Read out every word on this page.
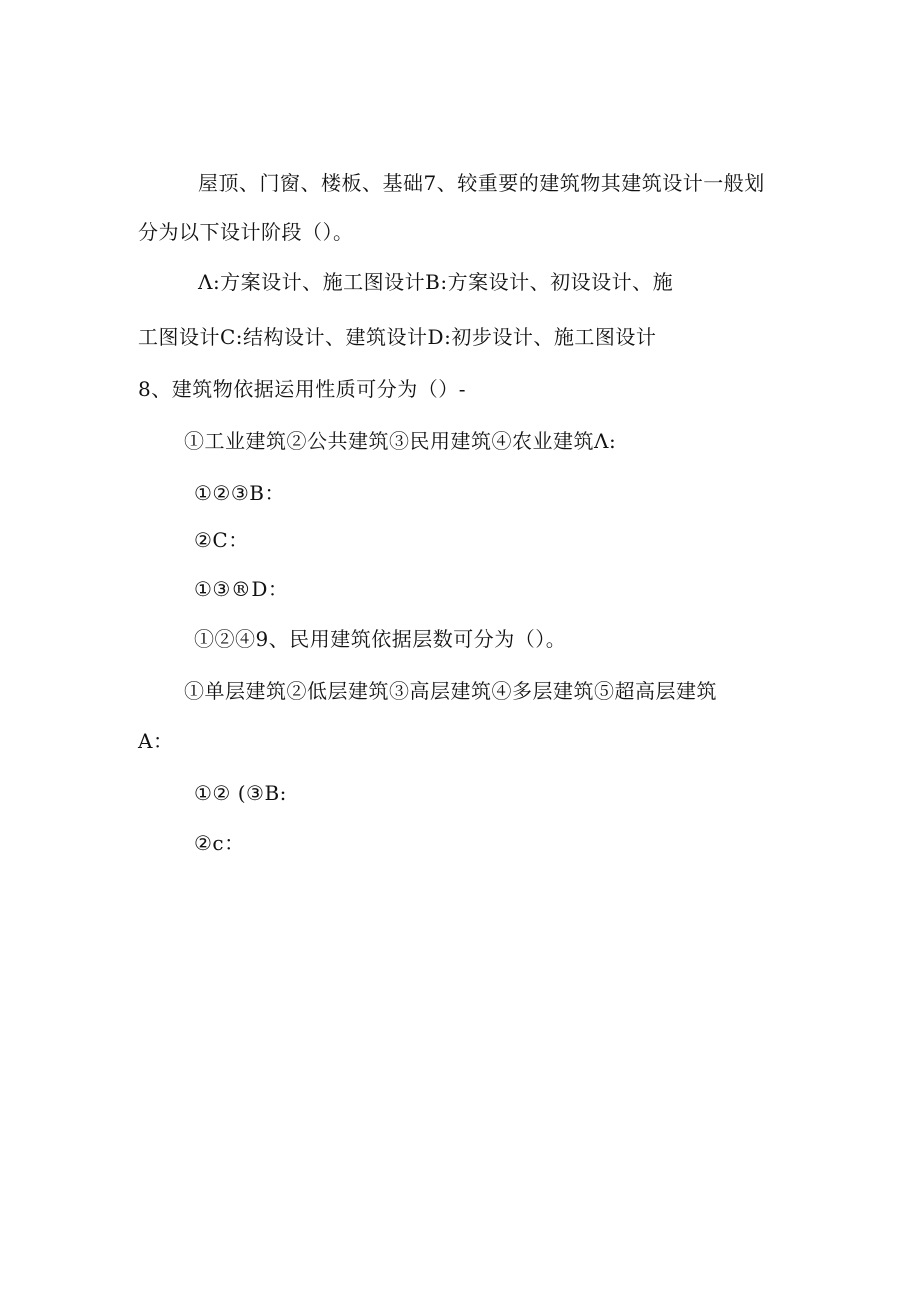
屋顶、门窗、楼板、基础7、较重要的建筑物其建筑设计一般划
分为以下设计阶段（）。
Λ:方案设计、施工图设计B:方案设计、初设设计、施
工图设计C:结构设计、建筑设计D:初步设计、施工图设计
8、建筑物依据运用性质可分为（）-
①工业建筑②公共建筑③民用建筑④农业建筑Λ:
①②③B：
②C：
①③®D：
①②④9、民用建筑依据层数可分为（）。
①单层建筑②低层建筑③高层建筑④多层建筑⑤超高层建筑
A：
①② (③B:
②c：
